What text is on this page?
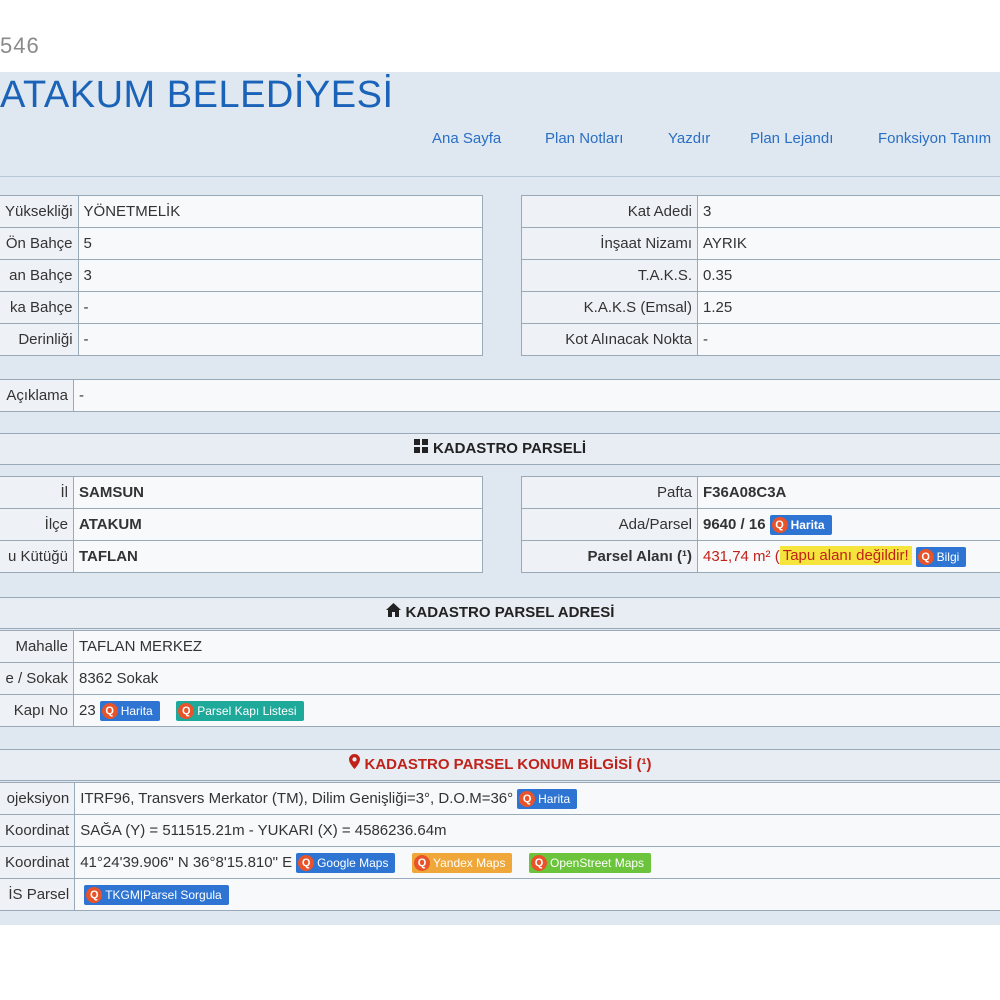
546
ATAKUM BELEDİYESİ
Ana Sayfa	Plan Notları	Yazdır	Plan Lejandı	Fonksiyon Tanım
Yüksekliği	YÖNETMELİK
Ön Bahçe	5
an Bahçe	3
ka Bahçe	-
Derinliği	-
Kat Adedi	3
İnşaat Nizamı	AYRIK
T.A.K.S.	0.35
K.A.K.S (Emsal)	1.25
Kot Alınacak Nokta	-
Açıklama	-
KADASTRO PARSELİ
İl	SAMSUN
İlçe	ATAKUM
u Kütüğü	TAFLAN
Pafta	F36A08C3A
Ada/Parsel	9640 / 16 Q Harita
Parsel Alanı (¹)	431,74 m² ( Tapu alanı değildir! Q Bilgi
KADASTRO PARSEL ADRESİ
Mahalle	TAFLAN MERKEZ
e / Sokak	8362 Sokak
Kapı No	23 Q Harita Q Parsel Kapı Listesi
KADASTRO PARSEL KONUM BİLGİSİ (¹)
ojeksiyon	ITRF96, Transvers Merkator (TM), Dilim Genişliği=3°, D.O.M=36° Q Harita
Koordinat	SAĞA (Y) = 511515.21m - YUKARI (X) = 4586236.64m
Koordinat	41°24'39.906" N 36°8'15.810" E Q Google Maps Q Yandex Maps Q OpenStreet Maps
İS Parsel	Q TKGM|Parsel Sorgula
